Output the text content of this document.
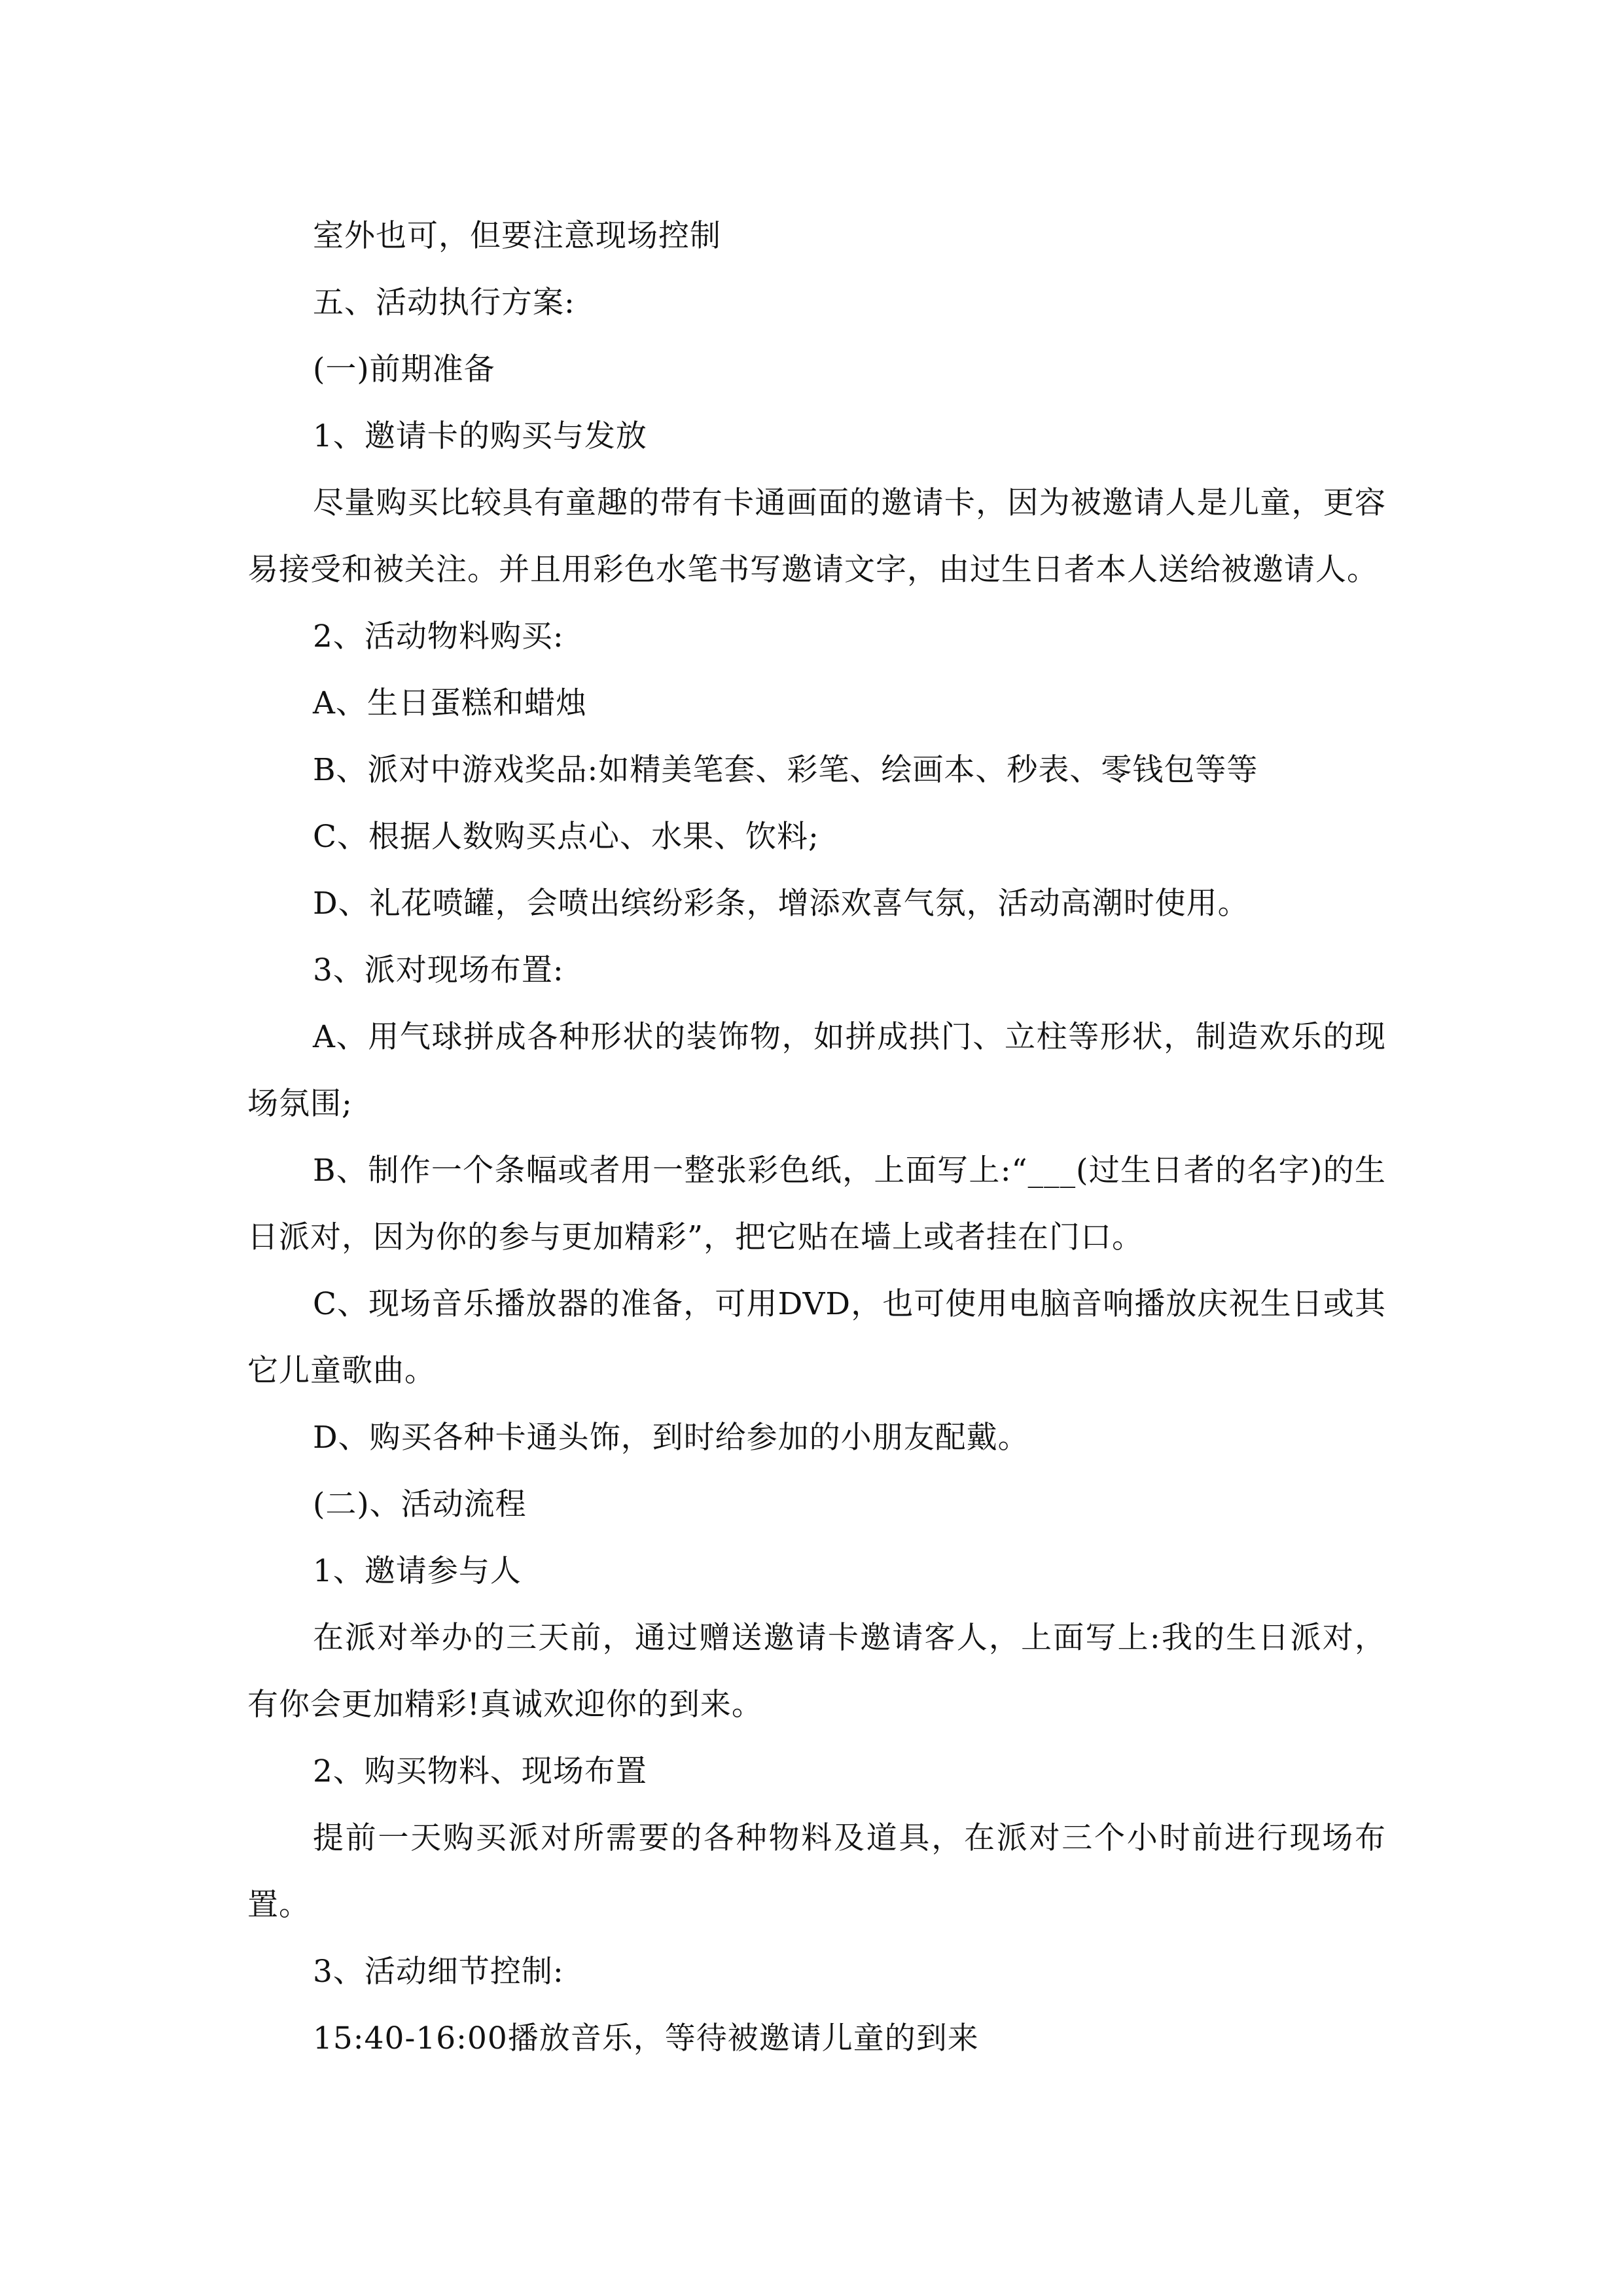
室外也可，但要注意现场控制

五、活动执行方案:

(一)前期准备

1、邀请卡的购买与发放

尽量购买比较具有童趣的带有卡通画面的邀请卡，因为被邀请人是儿童，更容易接受和被关注。并且用彩色水笔书写邀请文字，由过生日者本人送给被邀请人。

2、活动物料购买:

A、生日蛋糕和蜡烛

B、派对中游戏奖品:如精美笔套、彩笔、绘画本、秒表、零钱包等等

C、根据人数购买点心、水果、饮料;

D、礼花喷罐，会喷出缤纷彩条，增添欢喜气氛，活动高潮时使用。

3、派对现场布置:

A、用气球拼成各种形状的装饰物，如拼成拱门、立柱等形状，制造欢乐的现场氛围;

B、制作一个条幅或者用一整张彩色纸，上面写上:“___(过生日者的名字)的生日派对，因为你的参与更加精彩”，把它贴在墙上或者挂在门口。

C、现场音乐播放器的准备，可用DVD，也可使用电脑音响播放庆祝生日或其它儿童歌曲。

D、购买各种卡通头饰，到时给参加的小朋友配戴。

(二)、活动流程

1、邀请参与人

在派对举办的三天前，通过赠送邀请卡邀请客人，上面写上:我的生日派对，有你会更加精彩!真诚欢迎你的到来。

2、购买物料、现场布置

提前一天购买派对所需要的各种物料及道具，在派对三个小时前进行现场布置。

3、活动细节控制:

15:40-16:00播放音乐，等待被邀请儿童的到来
